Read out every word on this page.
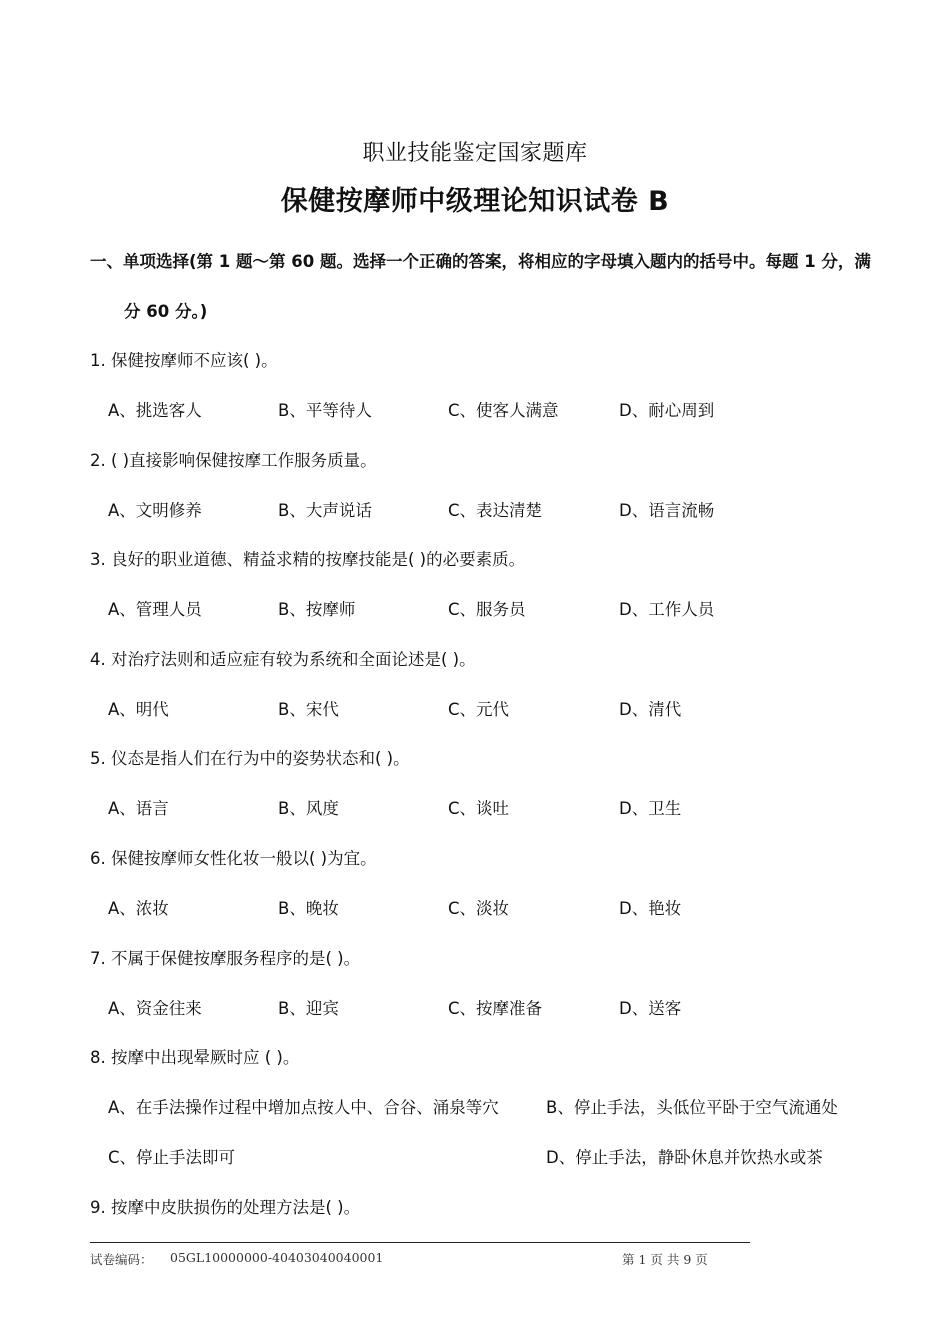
职业技能鉴定国家题库
保健按摩师中级理论知识试卷 B
一、单项选择(第 1 题～第 60 题。选择一个正确的答案，将相应的字母填入题内的括号中。每题 1 分，满
分 60 分。)
1. 保健按摩师不应该( )。
A、挑选客人	B、平等待人	C、使客人满意	D、耐心周到
2. ( )直接影响保健按摩工作服务质量。
A、文明修养	B、大声说话	C、表达清楚	D、语言流畅
3. 良好的职业道德、精益求精的按摩技能是( )的必要素质。
A、管理人员	B、按摩师	C、服务员	D、工作人员
4. 对治疗法则和适应症有较为系统和全面论述是( )。
A、明代	B、宋代	C、元代	D、清代
5. 仪态是指人们在行为中的姿势状态和( )。
A、语言	B、风度	C、谈吐	D、卫生
6. 保健按摩师女性化妆一般以( )为宜。
A、浓妆	B、晚妆	C、淡妆	D、艳妆
7. 不属于保健按摩服务程序的是( )。
A、资金往来	B、迎宾	C、按摩准备	D、送客
8. 按摩中出现晕厥时应 ( )。
A、在手法操作过程中增加点按人中、合谷、涌泉等穴	B、停止手法，头低位平卧于空气流通处
C、停止手法即可	D、停止手法，静卧休息并饮热水或茶
9. 按摩中皮肤损伤的处理方法是( )。
试卷编码： 05GL10000000-40403040040001	第 1 页 共 9 页
